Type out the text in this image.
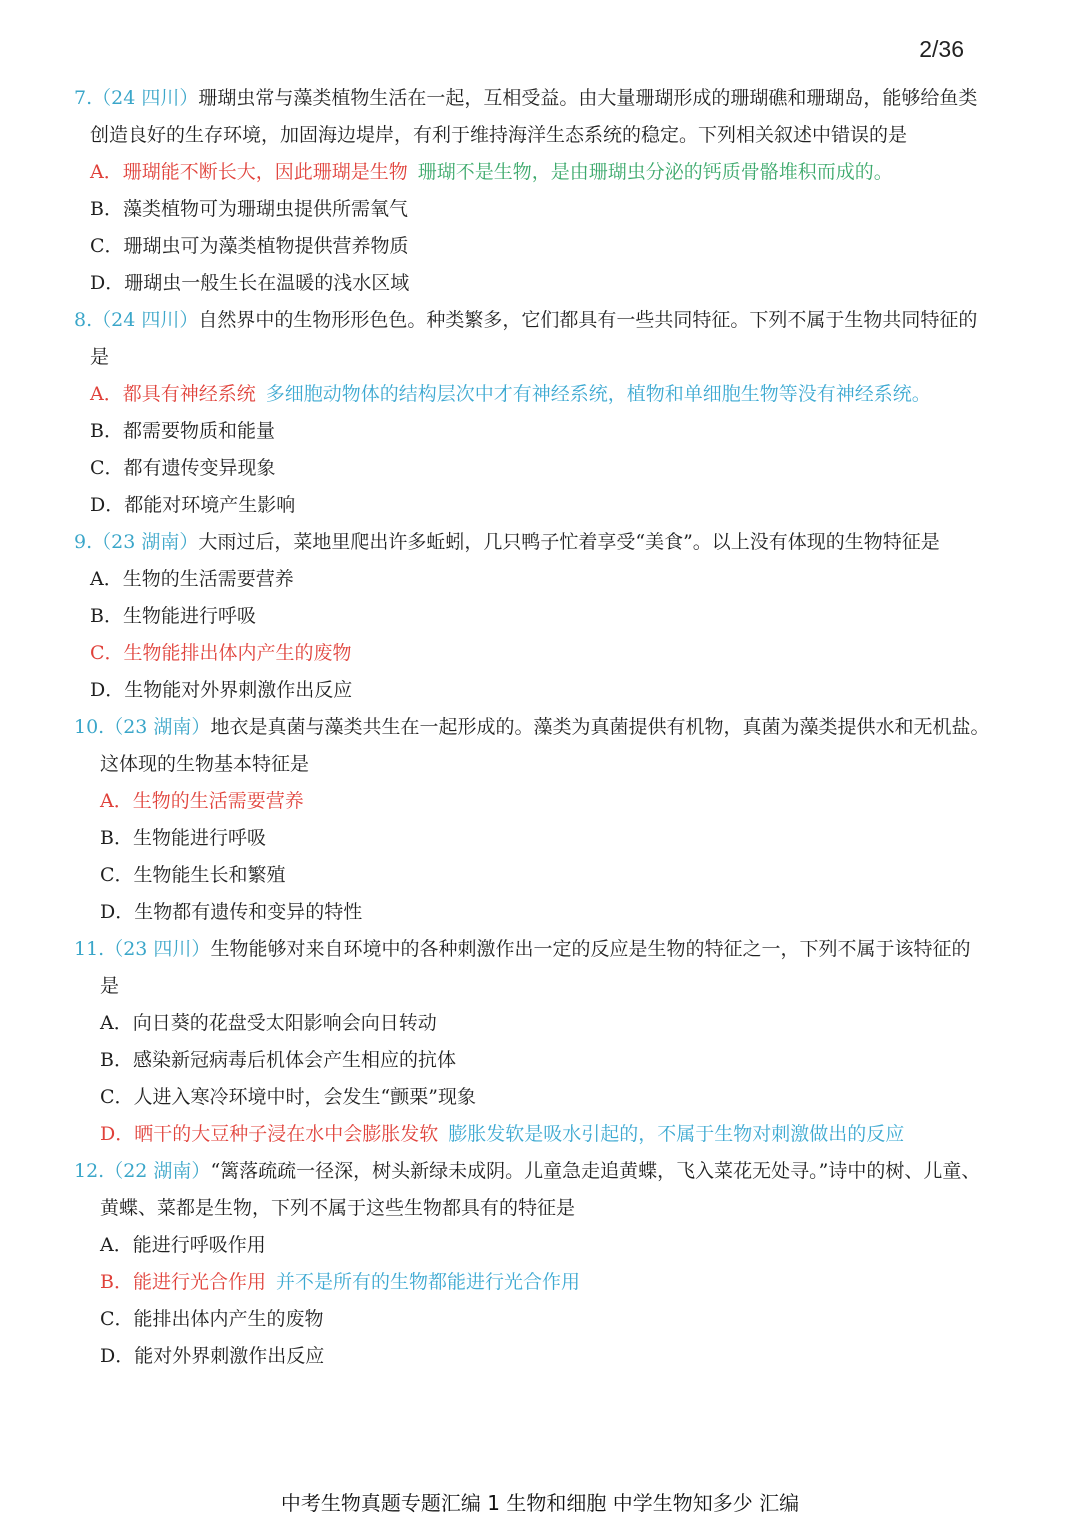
2/36
7.（24 四川）珊瑚虫常与藻类植物生活在一起，互相受益。由大量珊瑚形成的珊瑚礁和珊瑚岛，能够给鱼类
创造良好的生存环境，加固海边堤岸，有利于维持海洋生态系统的稳定。下列相关叙述中错误的是
A．珊瑚能不断长大，因此珊瑚是生物 珊瑚不是生物，是由珊瑚虫分泌的钙质骨骼堆积而成的。
B．藻类植物可为珊瑚虫提供所需氧气
C．珊瑚虫可为藻类植物提供营养物质
D．珊瑚虫一般生长在温暖的浅水区域
8.（24 四川）自然界中的生物形形色色。种类繁多，它们都具有一些共同特征。下列不属于生物共同特征的
是
A．都具有神经系统 多细胞动物体的结构层次中才有神经系统，植物和单细胞生物等没有神经系统。
B．都需要物质和能量
C．都有遗传变异现象
D．都能对环境产生影响
9.（23 湖南）大雨过后，菜地里爬出许多蚯蚓，几只鸭子忙着享受“美食”。以上没有体现的生物特征是
A．生物的生活需要营养
B．生物能进行呼吸
C．生物能排出体内产生的废物
D．生物能对外界刺激作出反应
10.（23 湖南）地衣是真菌与藻类共生在一起形成的。藻类为真菌提供有机物，真菌为藻类提供水和无机盐。
这体现的生物基本特征是
A．生物的生活需要营养
B．生物能进行呼吸
C．生物能生长和繁殖
D．生物都有遗传和变异的特性
11.（23 四川）生物能够对来自环境中的各种刺激作出一定的反应是生物的特征之一，下列不属于该特征的
是
A．向日葵的花盘受太阳影响会向日转动
B．感染新冠病毒后机体会产生相应的抗体
C．人进入寒冷环境中时，会发生“颤栗”现象
D．晒干的大豆种子浸在水中会膨胀发软 膨胀发软是吸水引起的，不属于生物对刺激做出的反应
12.（22 湖南）“篱落疏疏一径深，树头新绿未成阴。儿童急走追黄蝶，飞入菜花无处寻。”诗中的树、儿童、
黄蝶、菜都是生物，下列不属于这些生物都具有的特征是
A．能进行呼吸作用
B．能进行光合作用 并不是所有的生物都能进行光合作用
C．能排出体内产生的废物
D．能对外界刺激作出反应
中考生物真题专题汇编 1 生物和细胞 中学生物知多少 汇编
